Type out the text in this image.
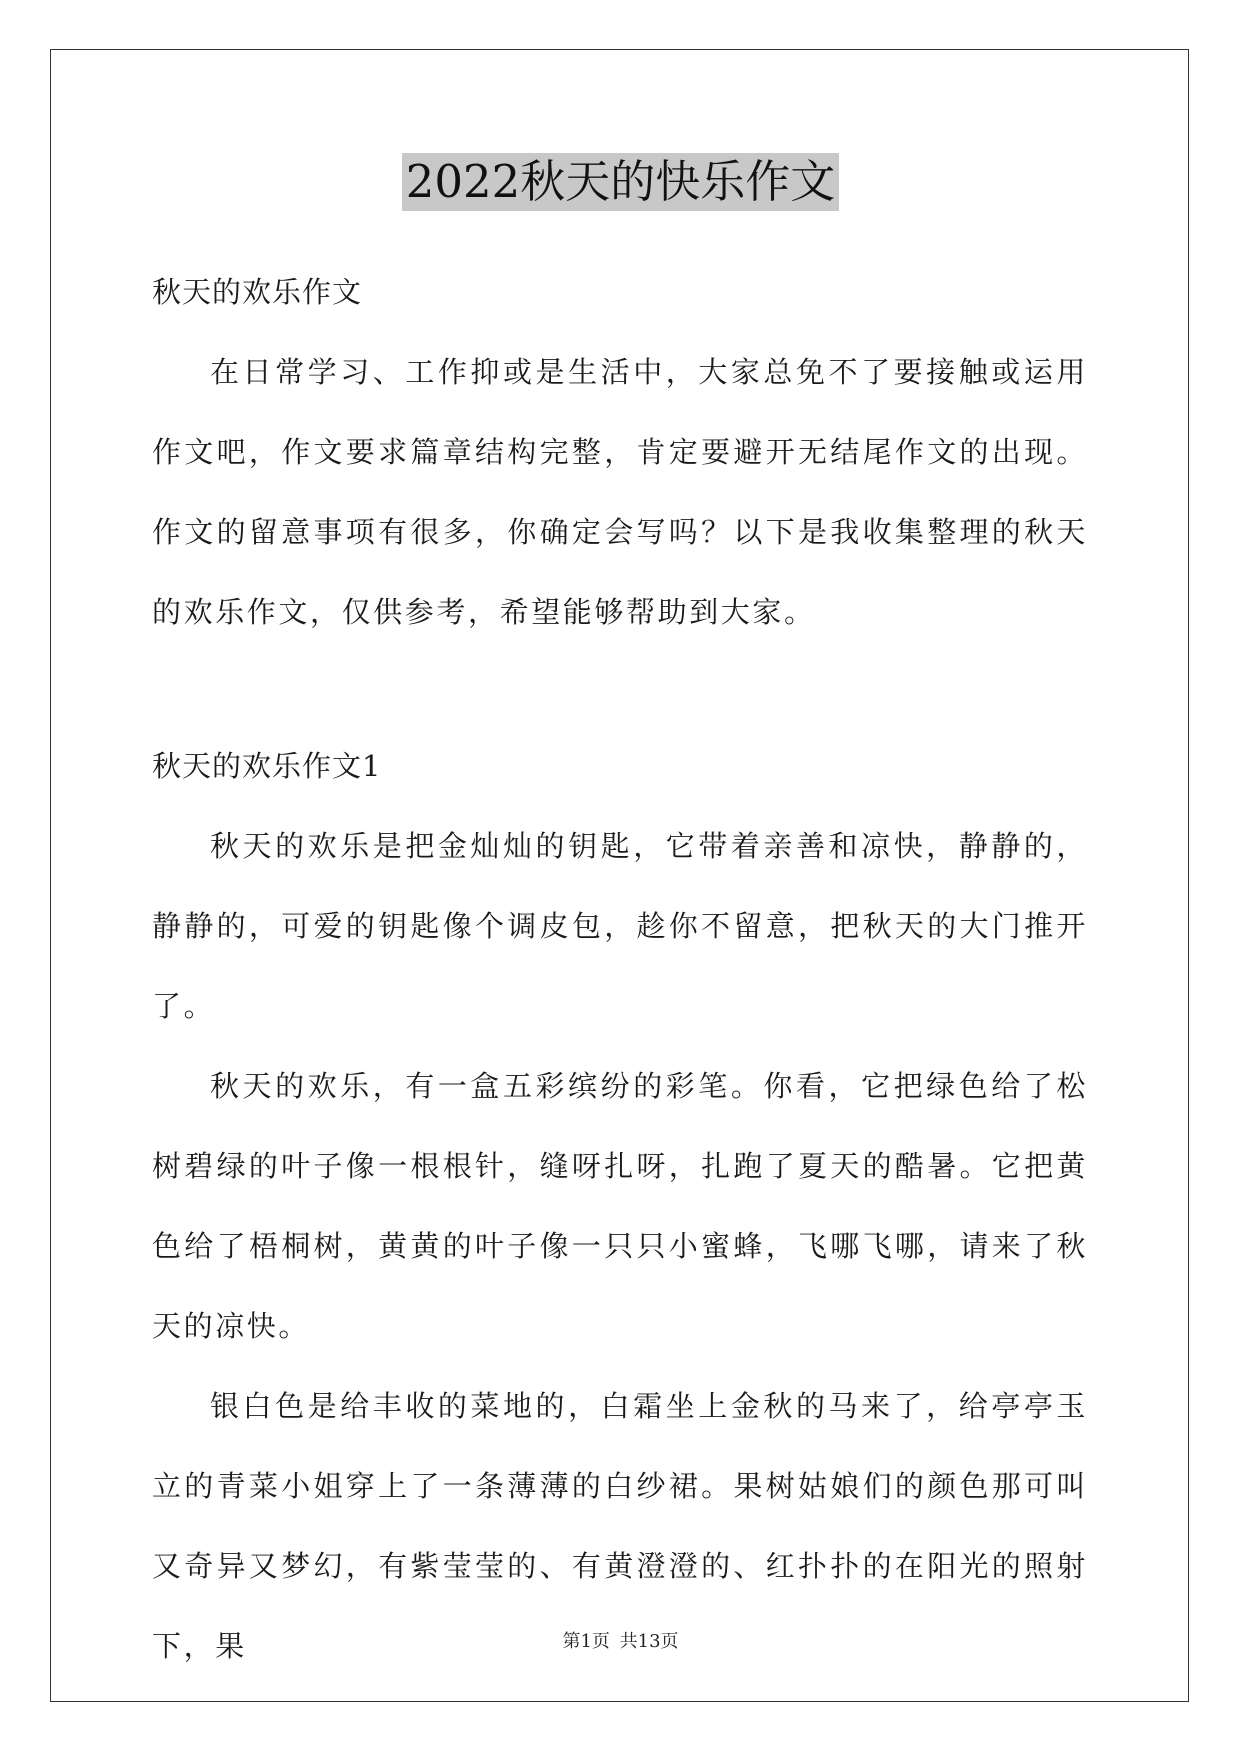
2022秋天的快乐作文

秋天的欢乐作文

在日常学习、工作抑或是生活中，大家总免不了要接触或运用作文吧，作文要求篇章结构完整，肯定要避开无结尾作文的出现。作文的留意事项有很多，你确定会写吗？以下是我收集整理的秋天的欢乐作文，仅供参考，希望能够帮助到大家。

秋天的欢乐作文1

秋天的欢乐是把金灿灿的钥匙，它带着亲善和凉快，静静的，静静的，可爱的钥匙像个调皮包，趁你不留意，把秋天的大门推开了。

秋天的欢乐，有一盒五彩缤纷的彩笔。你看，它把绿色给了松树碧绿的叶子像一根根针，缝呀扎呀，扎跑了夏天的酷暑。它把黄色给了梧桐树，黄黄的叶子像一只只小蜜蜂，飞哪飞哪，请来了秋天的凉快。

银白色是给丰收的菜地的，白霜坐上金秋的马来了，给亭亭玉立的青菜小姐穿上了一条薄薄的白纱裙。果树姑娘们的颜色那可叫又奇异又梦幻，有紫莹莹的、有黄澄澄的、红扑扑的在阳光的照射下，果	第1页 共13页
